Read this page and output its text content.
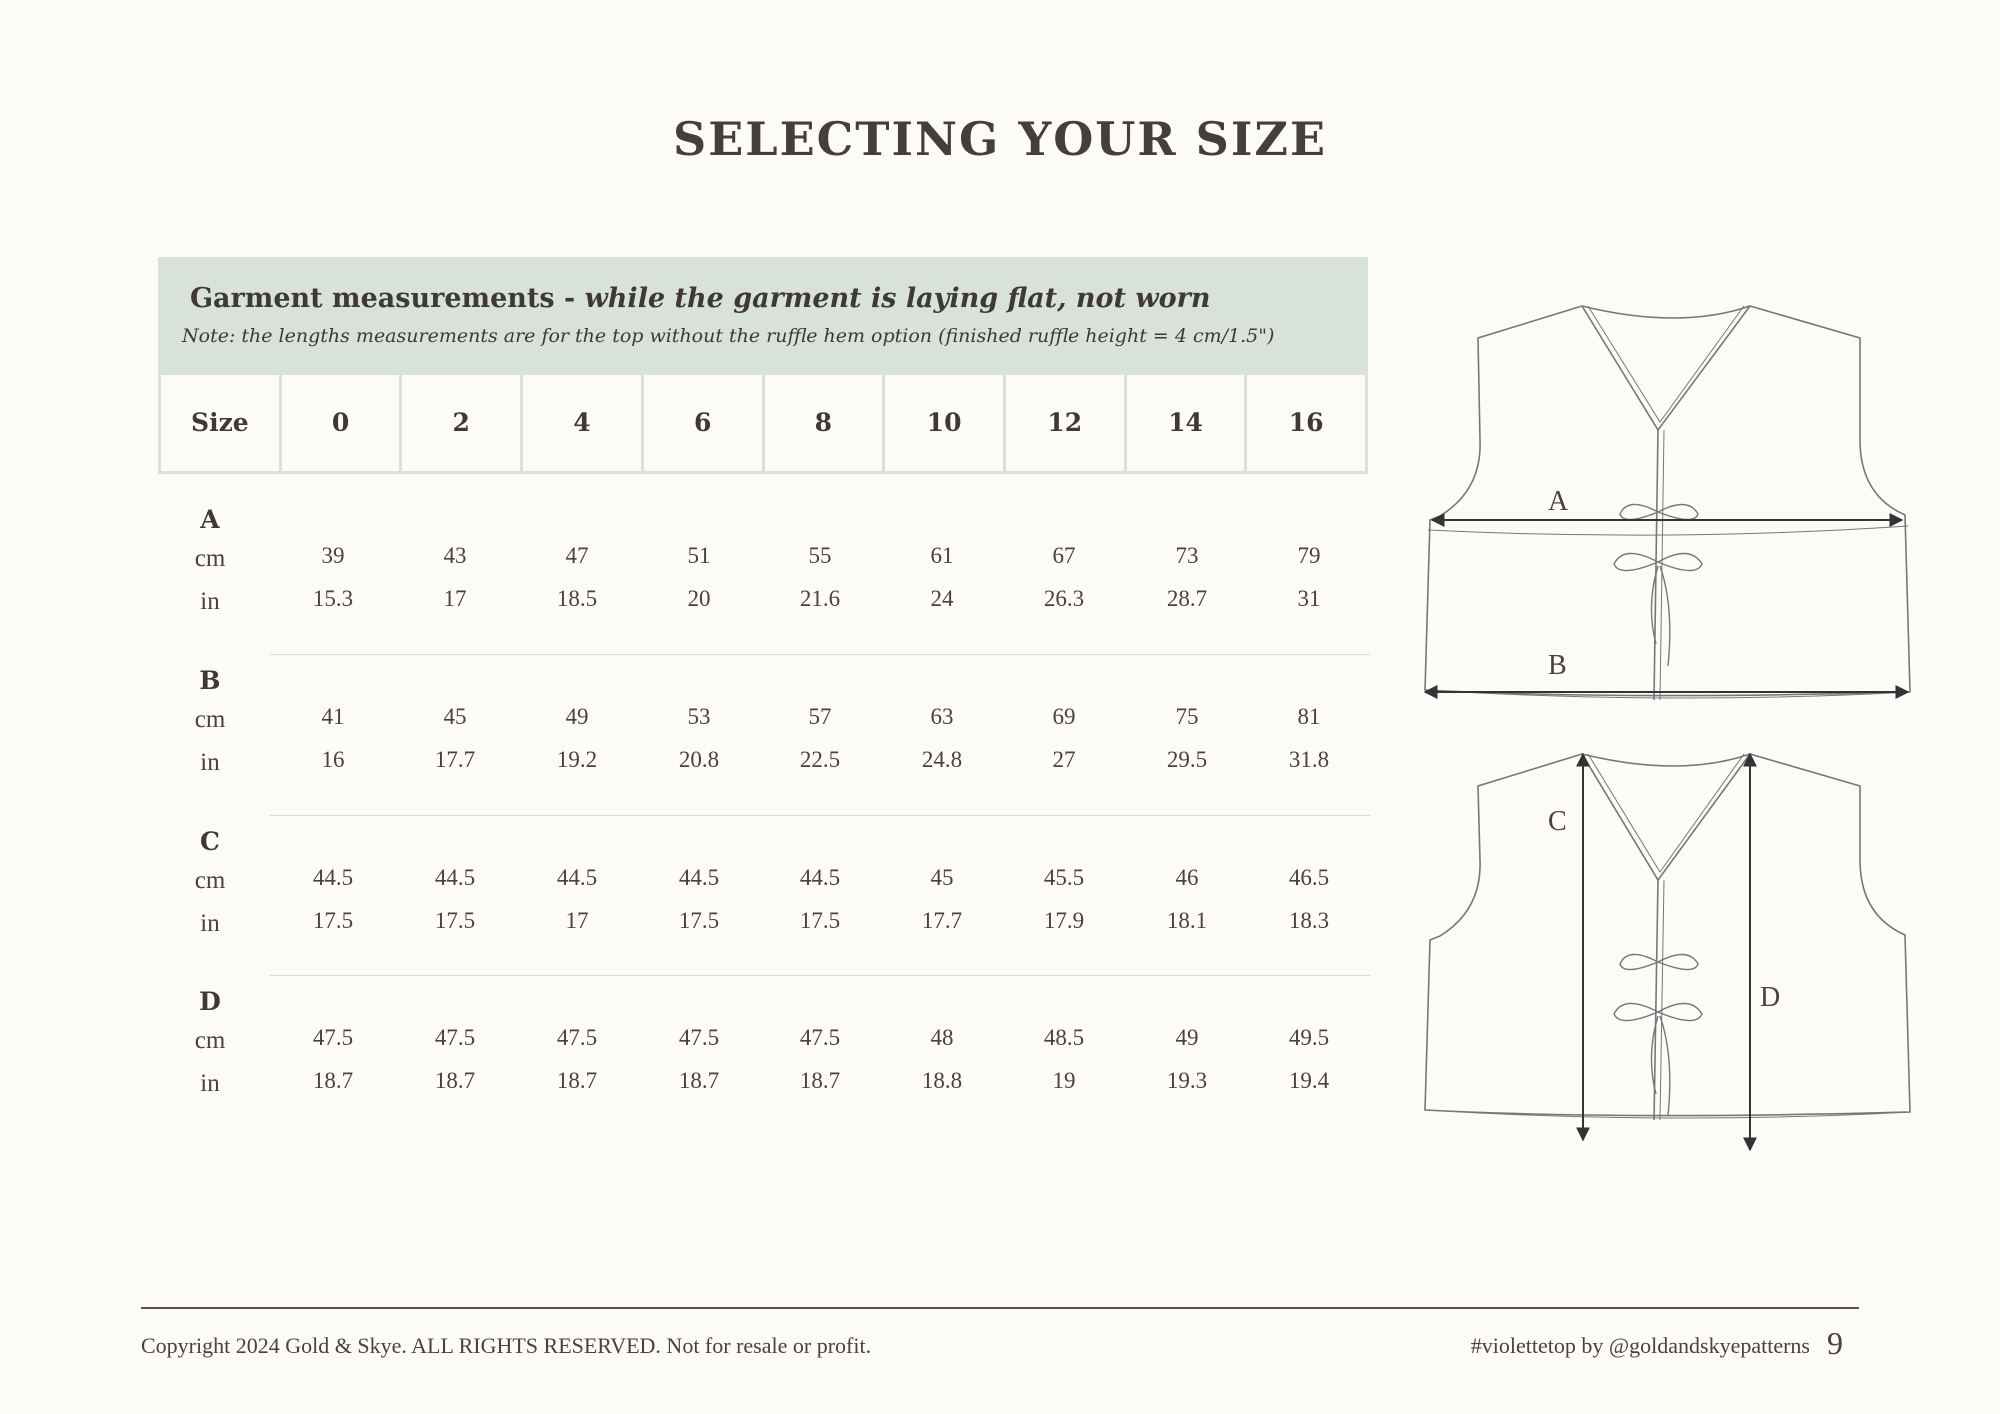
SELECTING YOUR SIZE
Garment measurements - while the garment is laying flat, not worn
Note: the lengths measurements are for the top without the ruffle hem option (finished ruffle height = 4 cm/1.5")
Size	0	2	4	6	8	10	12	14	16
A
cm	39	43	47	51	55	61	67	73	79
in	15.3	17	18.5	20	21.6	24	26.3	28.7	31
B
cm	41	45	49	53	57	63	69	75	81
in	16	17.7	19.2	20.8	22.5	24.8	27	29.5	31.8
C
cm	44.5	44.5	44.5	44.5	44.5	45	45.5	46	46.5
in	17.5	17.5	17	17.5	17.5	17.7	17.9	18.1	18.3
D
cm	47.5	47.5	47.5	47.5	47.5	48	48.5	49	49.5
in	18.7	18.7	18.7	18.7	18.7	18.8	19	19.3	19.4
A
B
C
D
Copyright 2024 Gold & Skye. ALL RIGHTS RESERVED. Not for resale or profit.	#violettetop by @goldandskyepatterns 9
